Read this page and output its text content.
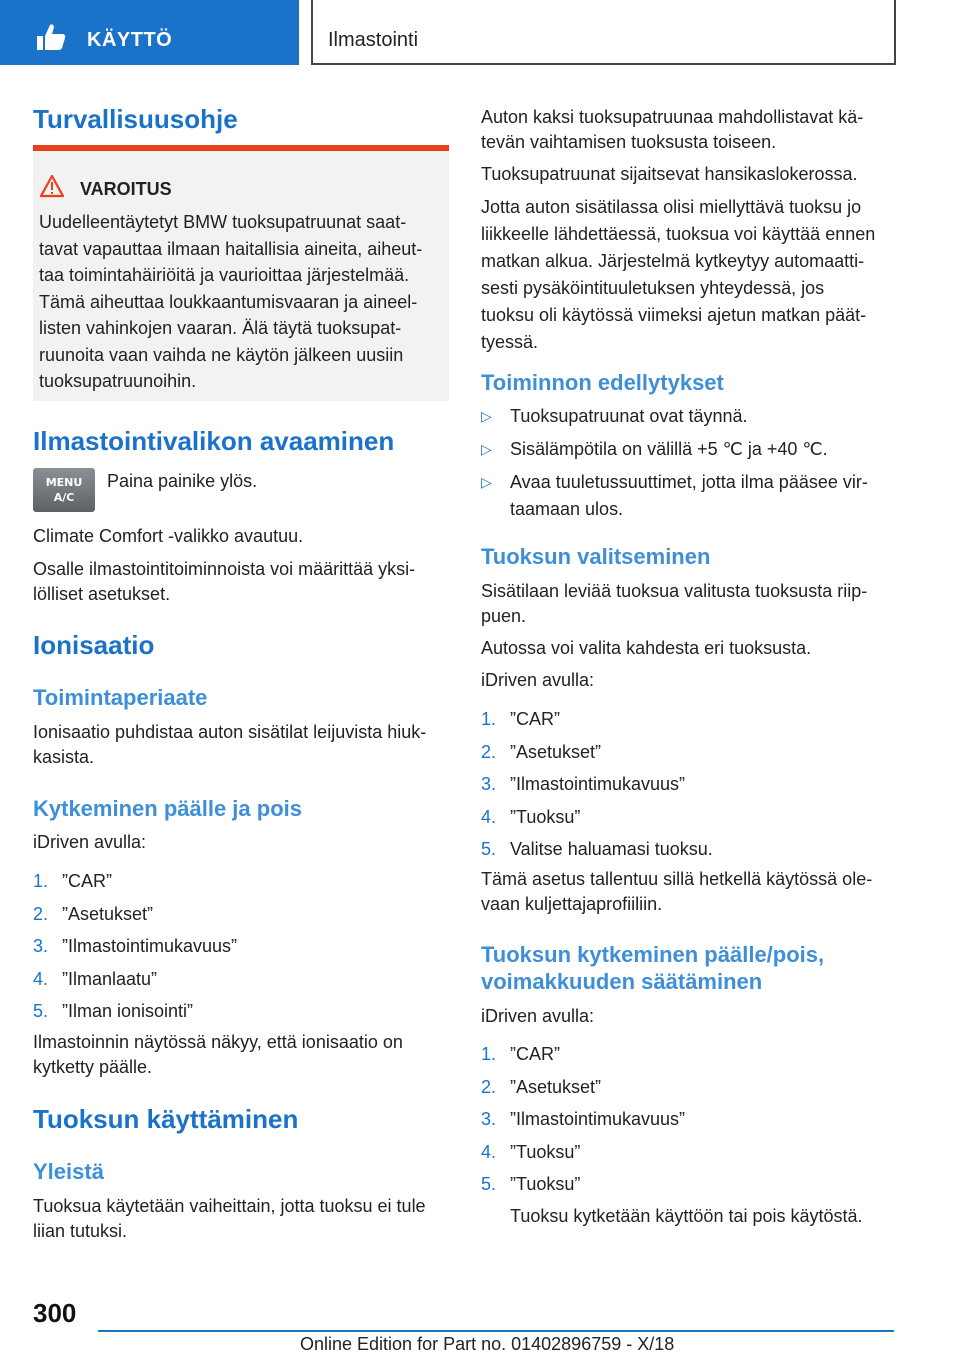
KÄYTTÖ	Ilmastointi
Turvallisuusohje
VAROITUS
Uudelleentäytetyt BMW tuoksupatruunat saat-
tavat vapauttaa ilmaan haitallisia aineita, aiheut-
taa toimintahäiriöitä ja vaurioittaa järjestelmää.
Tämä aiheuttaa loukkaantumisvaaran ja aineel-
listen vahinkojen vaaran. Älä täytä tuoksupat-
ruunoita vaan vaihda ne käytön jälkeen uusiin
tuoksupatruunoihin.
Ilmastointivalikon avaaminen
MENU
A/C
Paina painike ylös.
Climate Comfort -valikko avautuu.
Osalle ilmastointitoiminnoista voi määrittää yksi-
lölliset asetukset.
Ionisaatio
Toimintaperiaate
Ionisaatio puhdistaa auton sisätilat leijuvista hiuk-
kasista.
Kytkeminen päälle ja pois
iDriven avulla:
1. ”CAR”
2. ”Asetukset”
3. ”Ilmastointimukavuus”
4. ”Ilmanlaatu”
5. ”Ilman ionisointi”
Ilmastoinnin näytössä näkyy, että ionisaatio on
kytketty päälle.
Tuoksun käyttäminen
Yleistä
Tuoksua käytetään vaiheittain, jotta tuoksu ei tule
liian tutuksi.
Auton kaksi tuoksupatruunaa mahdollistavat kä-
tevän vaihtamisen tuoksusta toiseen.
Tuoksupatruunat sijaitsevat hansikaslokerossa.
Jotta auton sisätilassa olisi miellyttävä tuoksu jo
liikkeelle lähdettäessä, tuoksua voi käyttää ennen
matkan alkua. Järjestelmä kytkeytyy automaatti-
sesti pysäköintituuletuksen yhteydessä, jos
tuoksu oli käytössä viimeksi ajetun matkan päät-
tyessä.
Toiminnon edellytykset
▷	Tuoksupatruunat ovat täynnä.
▷	Sisälämpötila on välillä +5 ℃ ja +40 ℃.
▷	Avaa tuuletussuuttimet, jotta ilma pääsee vir-
taamaan ulos.
Tuoksun valitseminen
Sisätilaan leviää tuoksua valitusta tuoksusta riip-
puen.
Autossa voi valita kahdesta eri tuoksusta.
iDriven avulla:
1. ”CAR”
2. ”Asetukset”
3. ”Ilmastointimukavuus”
4. ”Tuoksu”
5. Valitse haluamasi tuoksu.
Tämä asetus tallentuu sillä hetkellä käytössä ole-
vaan kuljettajaprofiiliin.
Tuoksun kytkeminen päälle/pois,
voimakkuuden säätäminen
iDriven avulla:
1. ”CAR”
2. ”Asetukset”
3. ”Ilmastointimukavuus”
4. ”Tuoksu”
5. ”Tuoksu”
Tuoksu kytketään käyttöön tai pois käytöstä.
300
Online Edition for Part no. 01402896759 - X/18
